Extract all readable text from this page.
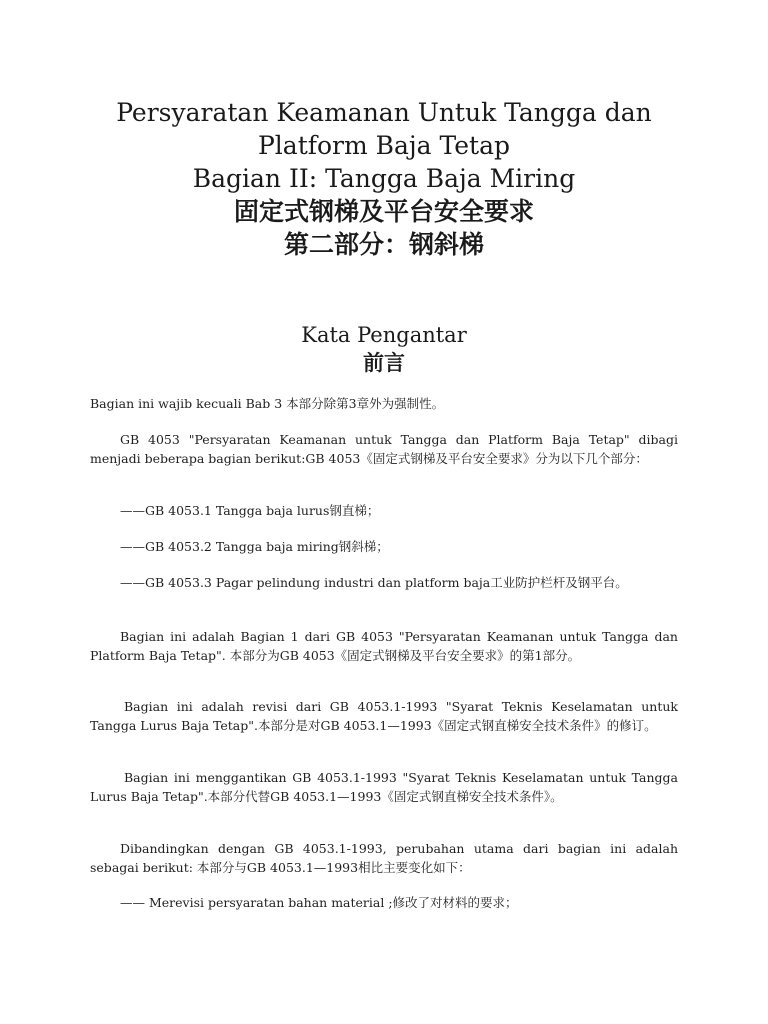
Persyaratan Keamanan Untuk Tangga dan
Platform Baja Tetap
Bagian II: Tangga Baja Miring
固定式钢梯及平台安全要求
第二部分：钢斜梯
Kata Pengantar
前言

Bagian ini wajib kecuali Bab 3 本部分除第3章外为强制性。

GB 4053 "Persyaratan Keamanan untuk Tangga dan Platform Baja Tetap" dibagi menjadi beberapa bagian berikut:GB 4053《固定式钢梯及平台安全要求》分为以下几个部分：

——GB 4053.1 Tangga baja lurus钢直梯；

——GB 4053.2 Tangga baja miring钢斜梯；

——GB 4053.3 Pagar pelindung industri dan platform baja工业防护栏杆及钢平台。

Bagian ini adalah Bagian 1 dari GB 4053 "Persyaratan Keamanan untuk Tangga dan Platform Baja Tetap". 本部分为GB 4053《固定式钢梯及平台安全要求》的第1部分。

Bagian ini adalah revisi dari GB 4053.1-1993 "Syarat Teknis Keselamatan untuk Tangga Lurus Baja Tetap".本部分是对GB 4053.1—1993《固定式钢直梯安全技术条件》的修订。

Bagian ini menggantikan GB 4053.1-1993 "Syarat Teknis Keselamatan untuk Tangga Lurus Baja Tetap".本部分代替GB 4053.1—1993《固定式钢直梯安全技术条件》。

Dibandingkan dengan GB 4053.1-1993, perubahan utama dari bagian ini adalah sebagai berikut: 本部分与GB 4053.1—1993相比主要变化如下：

—— Merevisi persyaratan bahan material ;修改了对材料的要求；
